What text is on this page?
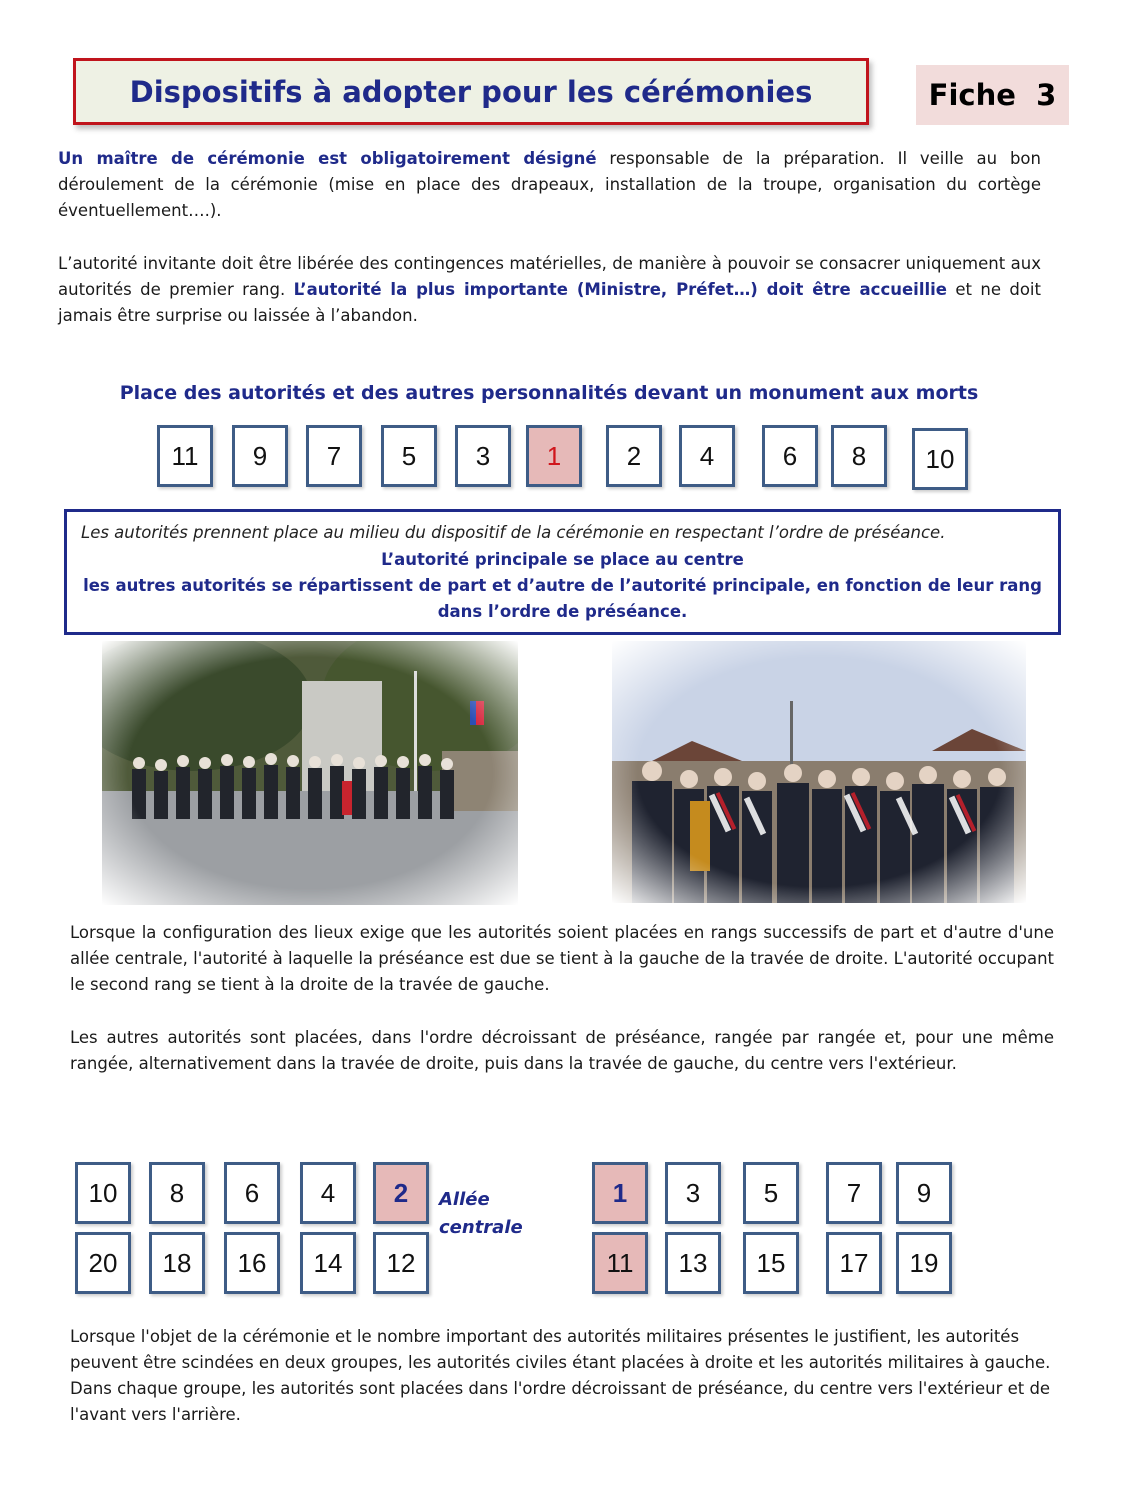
Dispositifs à adopter pour les cérémonies	Fiche  3

Un maître de cérémonie est obligatoirement désigné responsable de la préparation. Il veille au bon déroulement de la cérémonie (mise en place des drapeaux, installation de la troupe, organisation du cortège éventuellement….).

L’autorité invitante doit être libérée des contingences matérielles, de manière à pouvoir se consacrer uniquement aux autorités de premier rang. L’autorité la plus importante (Ministre, Préfet…) doit être accueillie et ne doit jamais être surprise ou laissée à l’abandon.

Place des autorités et des autres personnalités devant un monument aux morts
11	9	7	5	3	1	2	4	6	8	10
Les autorités prennent place au milieu du dispositif de la cérémonie en respectant l’ordre de préséance.
L’autorité principale se place au centre
les autres autorités se répartissent de part et d’autre de l’autorité principale, en fonction de leur rang
dans l’ordre de préséance.

Lorsque la configuration des lieux exige que les autorités soient placées en rangs successifs de part et d'autre d'une allée centrale, l'autorité à laquelle la préséance est due se tient à la gauche de la travée de droite. L'autorité occupant le second rang se tient à la droite de la travée de gauche.

Les autres autorités sont placées, dans l'ordre décroissant de préséance, rangée par rangée et, pour une même rangée, alternativement dans la travée de droite, puis dans la travée de gauche, du centre vers l'extérieur.

10	8	6	4	2
20	18	16	14	12
Allée
centrale
1	3	5	7	9
11	13	15	17	19

Lorsque l'objet de la cérémonie et le nombre important des autorités militaires présentes le justifient, les autorités peuvent être scindées en deux groupes, les autorités civiles étant placées à droite et les autorités militaires à gauche. Dans chaque groupe, les autorités sont placées dans l'ordre décroissant de préséance, du centre vers l'extérieur et de l'avant vers l'arrière.
